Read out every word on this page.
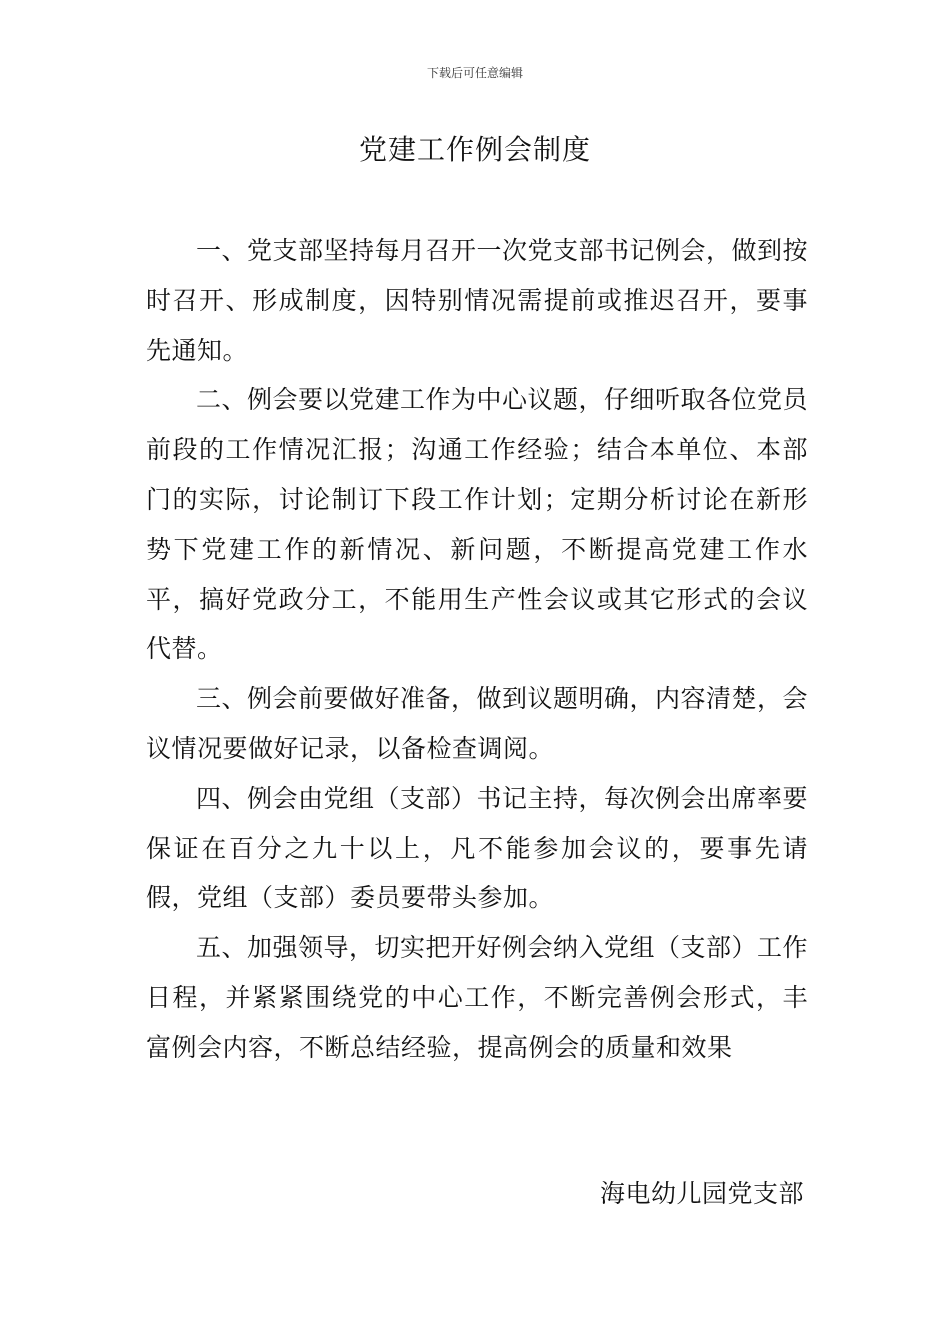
下载后可任意编辑
党建工作例会制度

一、党支部坚持每月召开一次党支部书记例会，做到按时召开、形成制度，因特别情况需提前或推迟召开，要事先通知。

二、例会要以党建工作为中心议题，仔细听取各位党员前段的工作情况汇报；沟通工作经验；结合本单位、本部门的实际，讨论制订下段工作计划；定期分析讨论在新形势下党建工作的新情况、新问题，不断提高党建工作水平，搞好党政分工，不能用生产性会议或其它形式的会议代替。

三、例会前要做好准备，做到议题明确，内容清楚，会议情况要做好记录，以备检查调阅。

四、例会由党组（支部）书记主持，每次例会出席率要保证在百分之九十以上，凡不能参加会议的，要事先请假，党组（支部）委员要带头参加。

五、加强领导，切实把开好例会纳入党组（支部）工作日程，并紧紧围绕党的中心工作，不断完善例会形式，丰富例会内容，不断总结经验，提高例会的质量和效果

海电幼儿园党支部
